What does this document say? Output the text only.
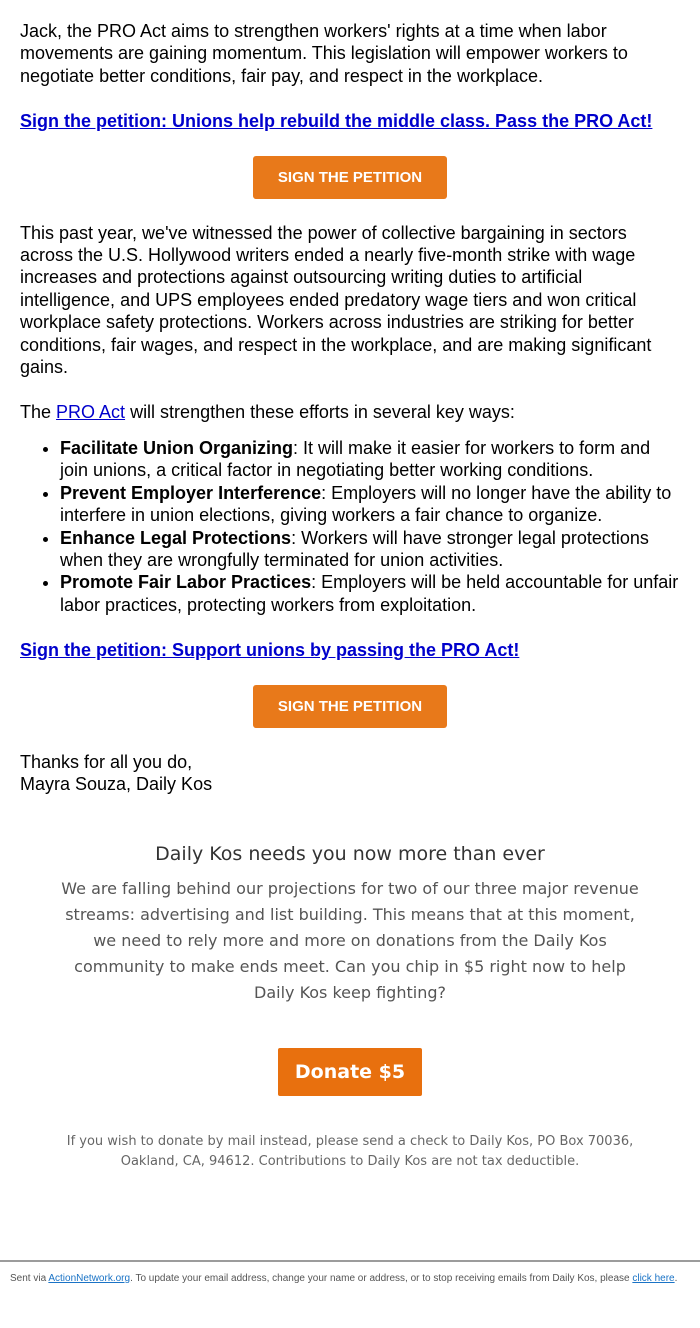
Jack, the PRO Act aims to strengthen workers' rights at a time when labor movements are gaining momentum. This legislation will empower workers to negotiate better conditions, fair pay, and respect in the workplace.

Sign the petition: Unions help rebuild the middle class. Pass the PRO Act!

SIGN THE PETITION

This past year, we've witnessed the power of collective bargaining in sectors across the U.S. Hollywood writers ended a nearly five-month strike with wage increases and protections against outsourcing writing duties to artificial intelligence, and UPS employees ended predatory wage tiers and won critical workplace safety protections. Workers across industries are striking for better conditions, fair wages, and respect in the workplace, and are making significant gains.

The PRO Act will strengthen these efforts in several key ways:

• Facilitate Union Organizing: It will make it easier for workers to form and join unions, a critical factor in negotiating better working conditions.
• Prevent Employer Interference: Employers will no longer have the ability to interfere in union elections, giving workers a fair chance to organize.
• Enhance Legal Protections: Workers will have stronger legal protections when they are wrongfully terminated for union activities.
• Promote Fair Labor Practices: Employers will be held accountable for unfair labor practices, protecting workers from exploitation.

Sign the petition: Support unions by passing the PRO Act!

SIGN THE PETITION

Thanks for all you do,
Mayra Souza, Daily Kos

Daily Kos needs you now more than ever

We are falling behind our projections for two of our three major revenue streams: advertising and list building. This means that at this moment, we need to rely more and more on donations from the Daily Kos community to make ends meet. Can you chip in $5 right now to help Daily Kos keep fighting?

Donate $5

If you wish to donate by mail instead, please send a check to Daily Kos, PO Box 70036, Oakland, CA, 94612. Contributions to Daily Kos are not tax deductible.

Sent via ActionNetwork.org. To update your email address, change your name or address, or to stop receiving emails from Daily Kos, please click here.
